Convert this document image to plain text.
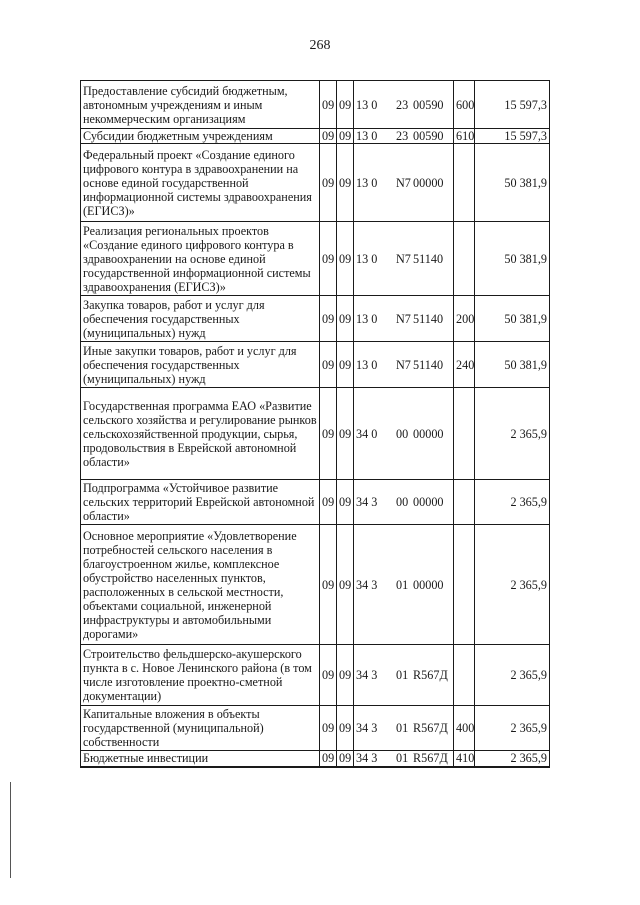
268
Предоставление субсидий бюджетным, автономным учреждениям и иным некоммерческим организациям	09	09	13 0 23 00590	600	15 597,3
Субсидии бюджетным учреждениям	09	09	13 0 23 00590	610	15 597,3
Федеральный проект «Создание единого цифрового контура в здравоохранении на основе единой государственной информационной системы здравоохранения (ЕГИСЗ)»	09	09	13 0 N7 00000		50 381,9
Реализация региональных проектов «Создание единого цифрового контура в здравоохранении на основе единой государственной информационной системы здравоохранения (ЕГИСЗ)»	09	09	13 0 N7 51140		50 381,9
Закупка товаров, работ и услуг для обеспечения государственных (муниципальных) нужд	09	09	13 0 N7 51140	200	50 381,9
Иные закупки товаров, работ и услуг для обеспечения государственных (муниципальных) нужд	09	09	13 0 N7 51140	240	50 381,9
Государственная программа ЕАО «Развитие сельского хозяйства и регулирование рынков сельскохозяйственной продукции, сырья, продовольствия в Еврейской автономной области»	09	09	34 0 00 00000		2 365,9
Подпрограмма «Устойчивое развитие сельских территорий Еврейской автономной области»	09	09	34 3 00 00000		2 365,9
Основное мероприятие «Удовлетворение потребностей сельского населения в благоустроенном жилье, комплексное обустройство населенных пунктов, расположенных в сельской местности, объектами социальной, инженерной инфраструктуры и автомобильными дорогами»	09	09	34 3 01 00000		2 365,9
Строительство фельдшерско-акушерского пункта в с. Новое Ленинского района (в том числе изготовление проектно-сметной документации)	09	09	34 3 01 R567Д		2 365,9
Капитальные вложения в объекты государственной (муниципальной) собственности	09	09	34 3 01 R567Д	400	2 365,9
Бюджетные инвестиции	09	09	34 3 01 R567Д	410	2 365,9
